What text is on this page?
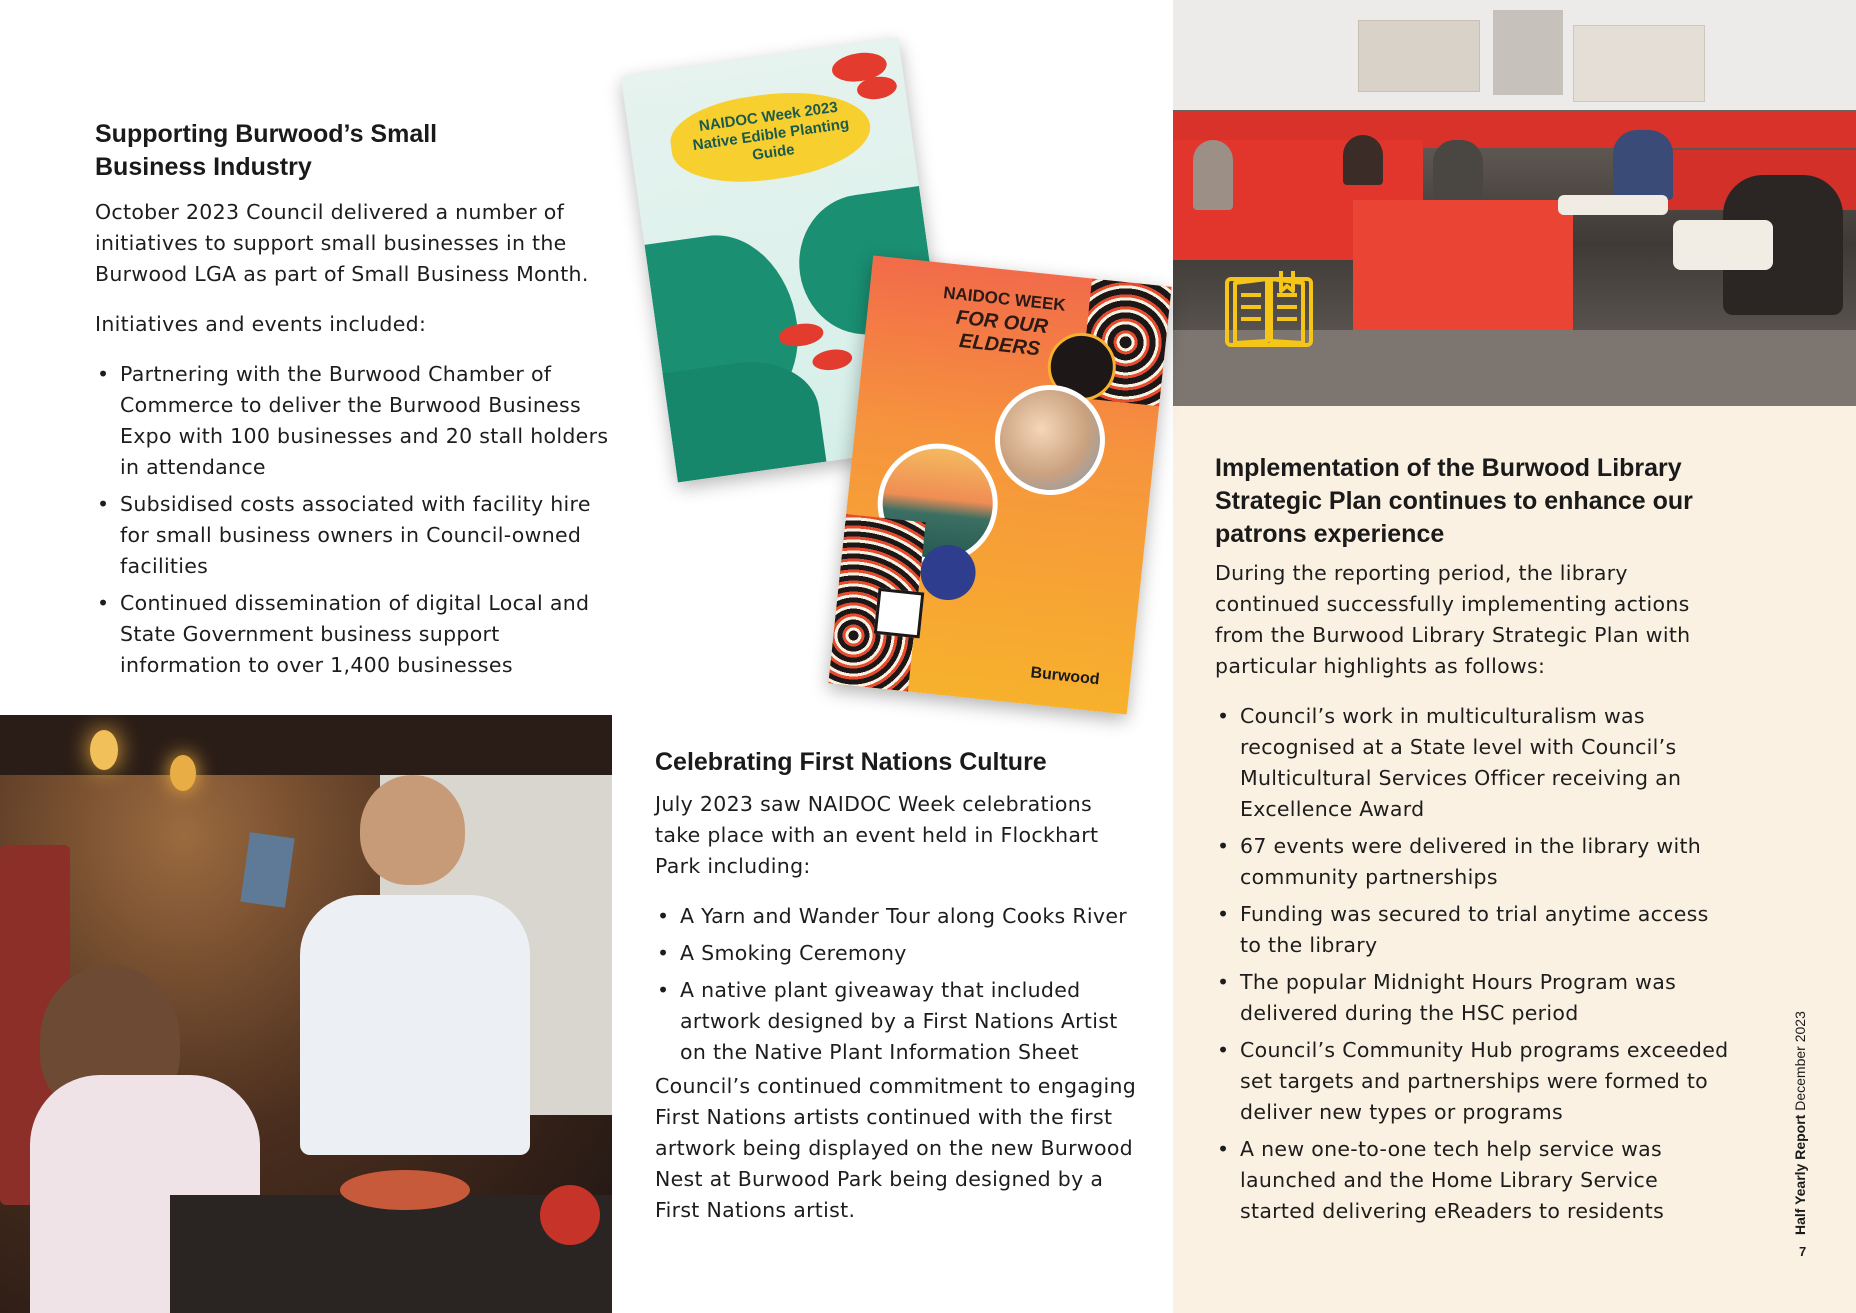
NAIDOC Week 2023 Native Edible Planting Guide
NAIDOC WEEK
FOR OUR ELDERS
Burwood
Supporting Burwood’s Small Business Industry

October 2023 Council delivered a number of initiatives to support small businesses in the Burwood LGA as part of Small Business Month.

Initiatives and events included:

• Partnering with the Burwood Chamber of Commerce to deliver the Burwood Business Expo with 100 businesses and 20 stall holders in attendance
• Subsidised costs associated with facility hire for small business owners in Council-owned facilities
• Continued dissemination of digital Local and State Government business support information to over 1,400 businesses
Celebrating First Nations Culture

July 2023 saw NAIDOC Week celebrations take place with an event held in Flockhart Park including:

• A Yarn and Wander Tour along Cooks River
• A Smoking Ceremony
• A native plant giveaway that included artwork designed by a First Nations Artist on the Native Plant Information Sheet

Council’s continued commitment to engaging First Nations artists continued with the first artwork being displayed on the new Burwood Nest at Burwood Park being designed by a First Nations artist.

Implementation of the Burwood Library Strategic Plan continues to enhance our patrons experience

During the reporting period, the library continued successfully implementing actions from the Burwood Library Strategic Plan with particular highlights as follows:

• Council’s work in multiculturalism was recognised at a State level with Council’s Multicultural Services Officer receiving an Excellence Award
• 67 events were delivered in the library with community partnerships
• Funding was secured to trial anytime access to the library
• The popular Midnight Hours Program was delivered during the HSC period
• Council’s Community Hub programs exceeded set targets and partnerships were formed to deliver new types or programs
• A new one-to-one tech help service was launched and the Home Library Service started delivering eReaders to residents	Half Yearly Report December 2023
7
